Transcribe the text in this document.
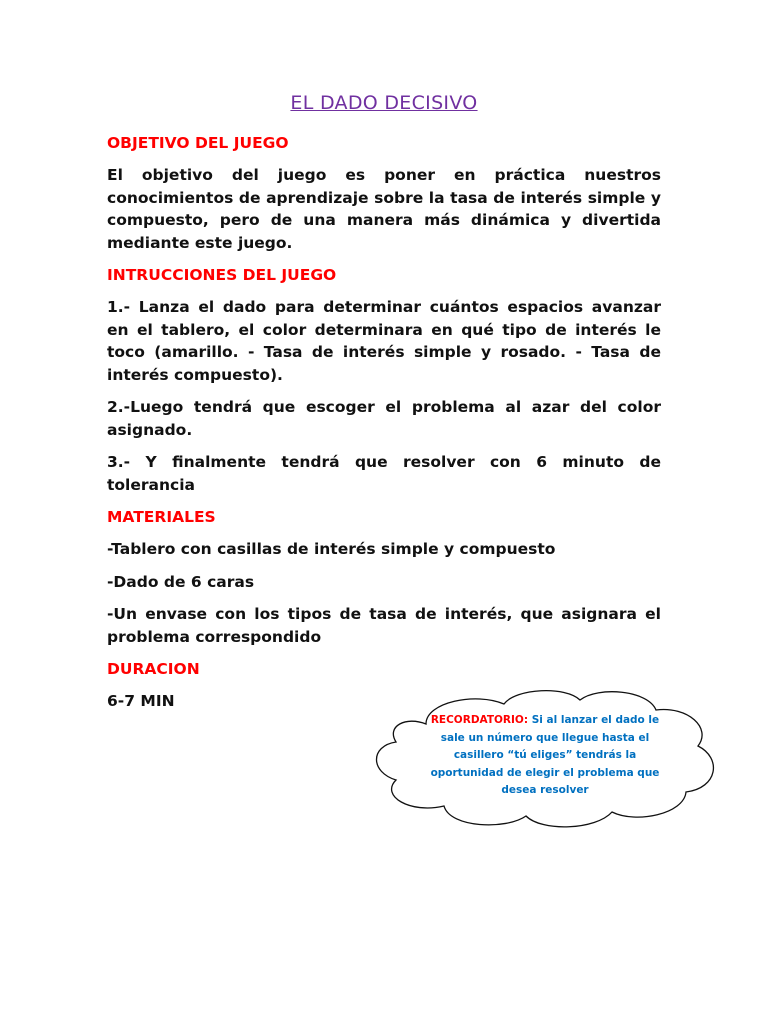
EL DADO DECISIVO
OBJETIVO DEL JUEGO
El objetivo del juego es poner en práctica nuestros conocimientos de aprendizaje sobre la tasa de interés simple y compuesto, pero de una manera más dinámica y divertida mediante este juego.
INTRUCCIONES DEL JUEGO
1.- Lanza el dado para determinar cuántos espacios avanzar en el tablero, el color determinara en qué tipo de interés le toco (amarillo. - Tasa de interés simple y rosado. - Tasa de interés compuesto).
2.-Luego tendrá que escoger el problema al azar del color asignado.
3.- Y finalmente tendrá que resolver con 6 minuto de tolerancia
MATERIALES
-Tablero con casillas de interés simple y compuesto
-Dado de 6 caras
-Un envase con los tipos de tasa de interés, que asignara el problema correspondido
DURACION
6-7 MIN
RECORDATORIO: Si al lanzar el dado le sale un número que llegue hasta el casillero “tú eliges” tendrás la oportunidad de elegir el problema que desea resolver
